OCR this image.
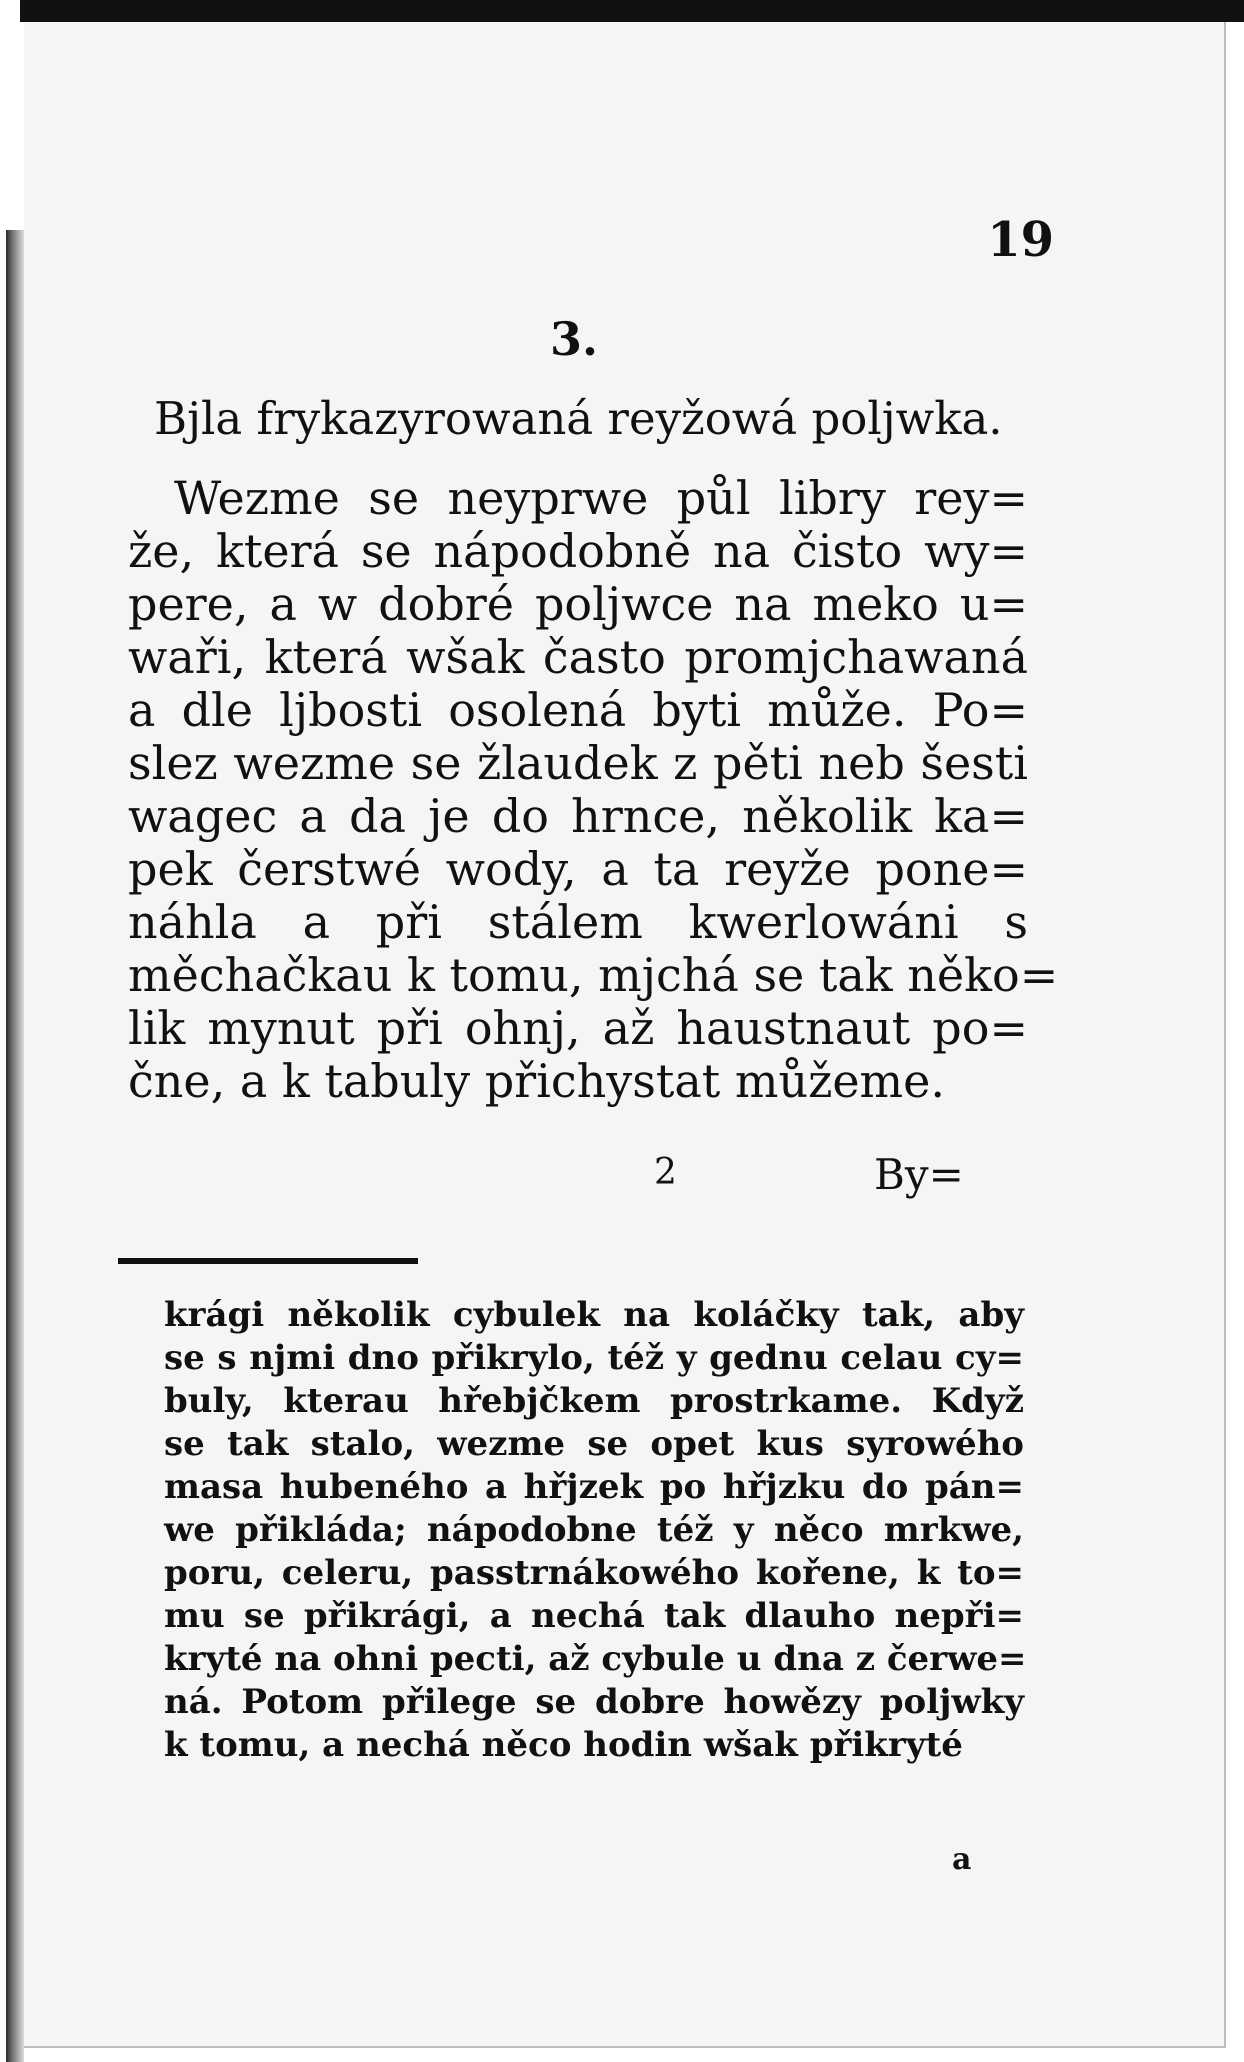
19
3.
Bjla frykazyrowaná reyžowá poljwka.
Wezme se neyprwe půl libry rey=
že, která se nápodobně na čisto wy=
pere, a w dobré poljwce na meko u=
waři, která wšak často promjchawaná
a dle ljbosti osolená byti může. Po=
slez wezme se žlaudek z pěti neb šesti
wagec a da je do hrnce, několik ka=
pek čerstwé wody, a ta reyže pone=
náhla a při stálem kwerlowáni s
měchačkau k tomu, mjchá se tak něko=
lik mynut při ohnj, až haustnaut po=
čne, a k tabuly přichystat můžeme.
2	By=
krági několik cybulek na koláčky tak, aby
se s njmi dno přikrylo, též y gednu celau cy=
buly, kterau hřebjčkem prostrkame. Když
se tak stalo, wezme se opet kus syrowého
masa hubeného a hřjzek po hřjzku do pán=
we přikláda; nápodobne též y něco mrkwe,
poru, celeru, passtrnákowého kořene, k to=
mu se přikrági, a nechá tak dlauho nepři=
kryté na ohni pecti, až cybule u dna z čerwe=
ná. Potom přilege se dobre howězy poljwky
k tomu, a nechá něco hodin wšak přikryté
a
